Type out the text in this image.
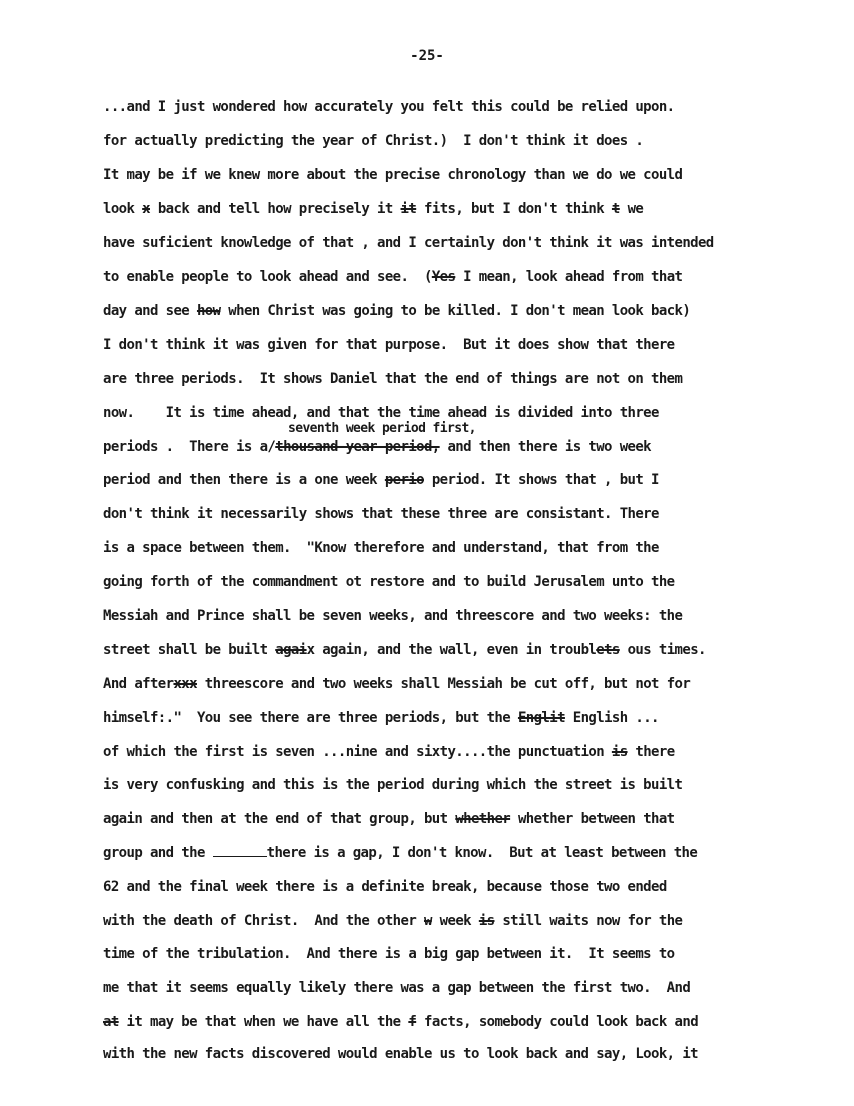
-25-
...and I just wondered how accurately you felt this could be relied upon.
for actually predicting the year of Christ.)  I don't think it does .
It may be if we knew more about the precise chronology than we do we could
look x back and tell how precisely it it fits, but I don't think t we
have suficient knowledge of that , and I certainly don't think it was intended
to enable people to look ahead and see.  (Yes I mean, look ahead from that
day and see how when Christ was going to be killed. I don't mean look back)
I don't think it was given for that purpose.  But it does show that there
are three periods.  It shows Daniel that the end of things are not on them
now.    It is time ahead, and that the time ahead is divided into three
seventh week period first,
periods .  There is a/thousand-year period, and then there is two week
period and then there is a one week perio period. It shows that , but I
don't think it necessarily shows that these three are consistant. There
is a space between them.  "Know therefore and understand, that from the
going forth of the commandment ot restore and to build Jerusalem unto the
Messiah and Prince shall be seven weeks, and threescore and two weeks: the
street shall be built agaix again, and the wall, even in troublets ous times.
And afterxxx threescore and two weeks shall Messiah be cut off, but not for
himself:."  You see there are three periods, but the Englit English ...
of which the first is seven ...nine and sixty....the punctuation is there
is very confusking and this is the period during which the street is built
again and then at the end of that group, but whether whether between that
group and the	there is a gap, I don't know.  But at least between the
62 and the final week there is a definite break, because those two ended
with the death of Christ.  And the other w week is still waits now for the
time of the tribulation.  And there is a big gap between it.  It seems to
me that it seems equally likely there was a gap between the first two.  And
at it may be that when we have all the f facts, somebody could look back and
with the new facts discovered would enable us to look back and say, Look, it
